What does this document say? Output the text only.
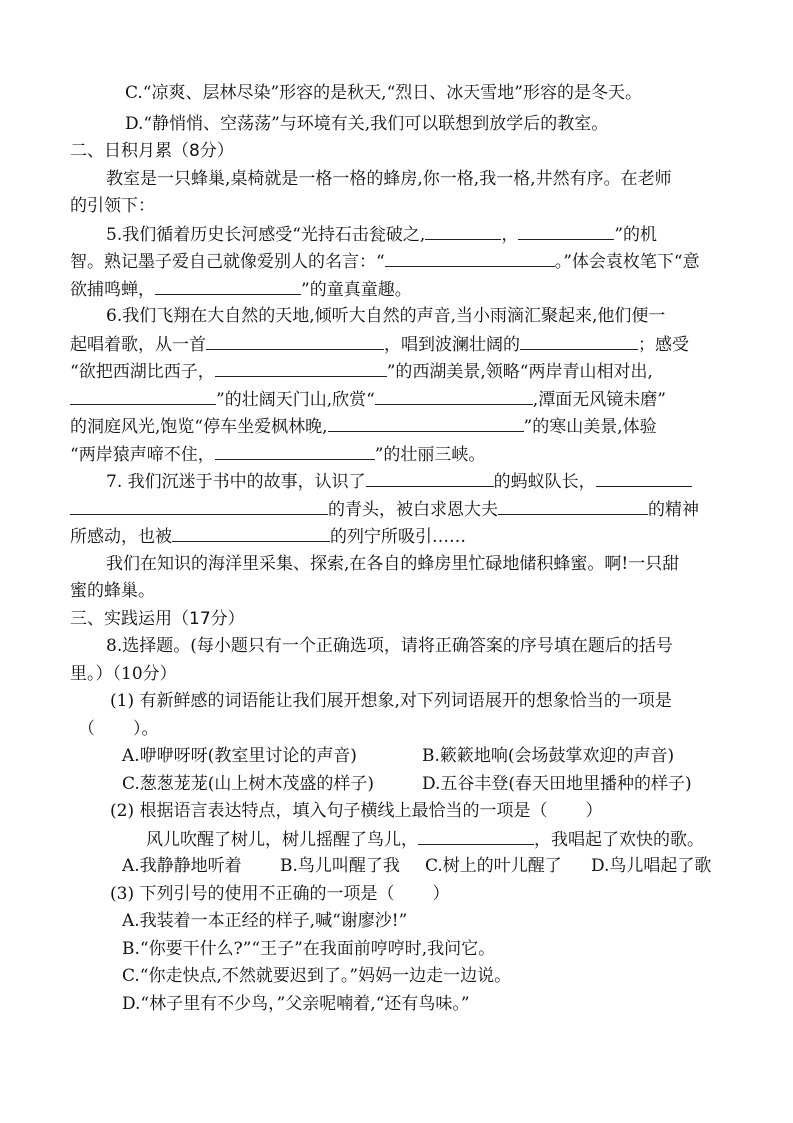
C.“凉爽、层林尽染”形容的是秋天,“烈日、冰天雪地”形容的是冬天。
D.“静悄悄、空荡荡”与环境有关,我们可以联想到放学后的教室。
二、日积月累（8分）
教室是一只蜂巢,桌椅就是一格一格的蜂房,你一格,我一格,井然有序。在老师
的引领下：
5.我们循着历史长河感受“光持石击瓮破之,	，	”的机
智。熟记墨子爱自己就像爱别人的名言：“	。”体会袁枚笔下“意
欲捕鸣蝉，	”的童真童趣。
6.我们飞翔在大自然的天地,倾听大自然的声音,当小雨滴汇聚起来,他们便一
起唱着歌，从一首	，唱到波澜壮阔的	；感受
“欲把西湖比西子，	”的西湖美景,领略“两岸青山相对出,
”的壮阔天门山,欣赏“	,潭面无风镜未磨”
的洞庭风光,饱览“停车坐爱枫林晚,	”的寒山美景,体验
“两岸猿声啼不住，	”的壮丽三峡。
7. 我们沉迷于书中的故事，认识了	的蚂蚁队长，
的青头，被白求恩大夫	的精神
所感动，也被	的列宁所吸引……
我们在知识的海洋里采集、探索,在各自的蜂房里忙碌地储积蜂蜜。啊!一只甜
蜜的蜂巢。
三、实践运用（17分）
8.选择题。(每小题只有一个正确选项，请将正确答案的序号填在题后的括号
里。）（10分）
(1) 有新鲜感的词语能让我们展开想象,对下列词语展开的想象恰当的一项是
（ ）。
A.咿咿呀呀(教室里讨论的声音)	B.簌簌地响(会场鼓掌欢迎的声音)
C.葱葱茏茏(山上树木茂盛的样子)	D.五谷丰登(春天田地里播种的样子)
(2) 根据语言表达特点，填入句子横线上最恰当的一项是（ ）
风儿吹醒了树儿，树儿摇醒了鸟儿，	，我唱起了欢快的歌。
A.我静静地听着 B.鸟儿叫醒了我 C.树上的叶儿醒了 D.鸟儿唱起了歌
(3) 下列引号的使用不正确的一项是（ ）
A.我装着一本正经的样子,喊“谢廖沙!”
B.“你要干什么?”“王子”在我面前哼哼时,我问它。
C.“你走快点,不然就要迟到了。”妈妈一边走一边说。
D.“林子里有不少鸟，”父亲呢喃着,“还有鸟味。”
